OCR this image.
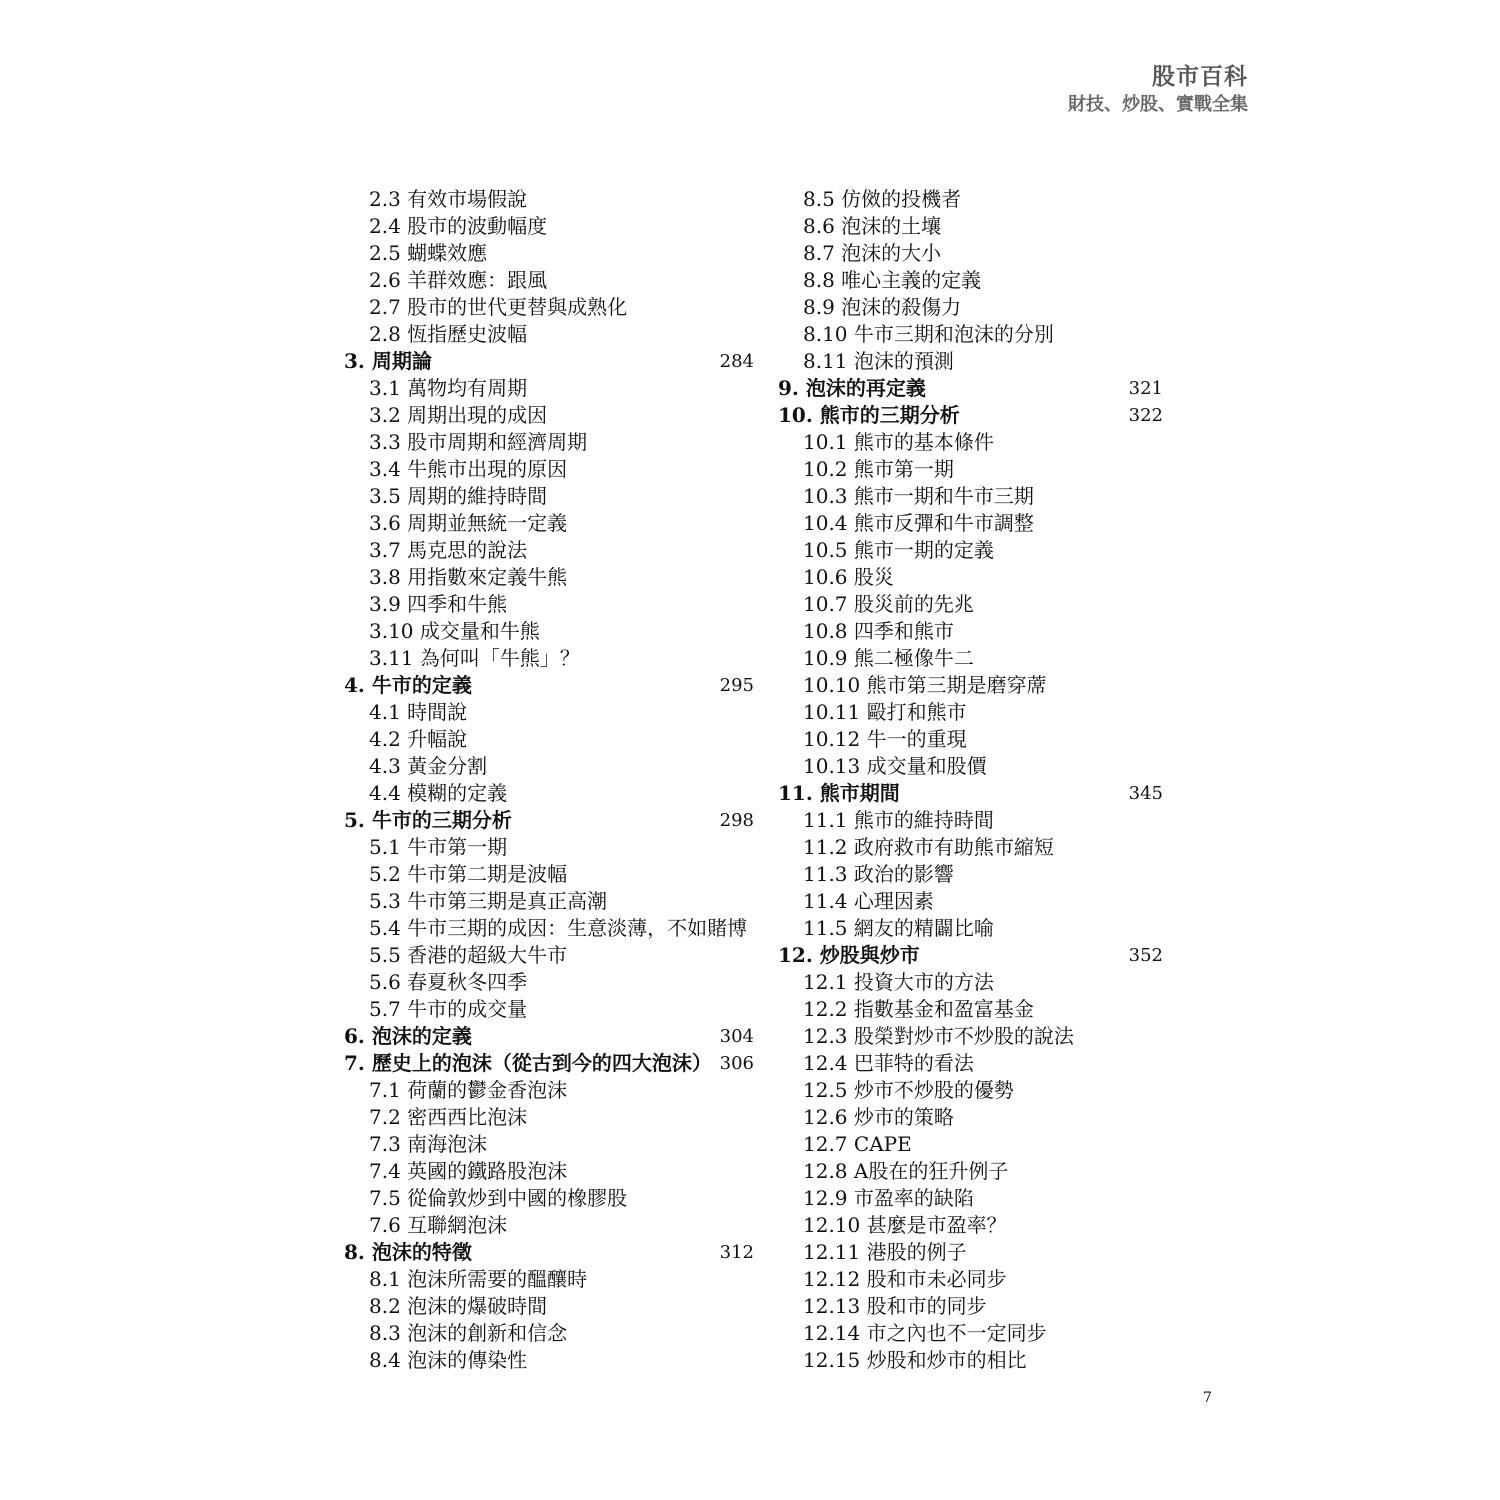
股市百科
財技、炒股、實戰全集
2.3 有效市場假說
2.4 股市的波動幅度
2.5 蝴蝶效應
2.6 羊群效應：跟風
2.7 股市的世代更替與成熟化
2.8 恆指歷史波幅
3. 周期論	284
3.1 萬物均有周期
3.2 周期出現的成因
3.3 股市周期和經濟周期
3.4 牛熊市出現的原因
3.5 周期的維持時間
3.6 周期並無統一定義
3.7 馬克思的說法
3.8 用指數來定義牛熊
3.9 四季和牛熊
3.10 成交量和牛熊
3.11 為何叫「牛熊」？
4. 牛市的定義	295
4.1 時間說
4.2 升幅說
4.3 黃金分割
4.4 模糊的定義
5. 牛市的三期分析	298
5.1 牛市第一期
5.2 牛市第二期是波幅
5.3 牛市第三期是真正高潮
5.4 牛市三期的成因：生意淡薄，不如賭博
5.5 香港的超級大牛市
5.6 春夏秋冬四季
5.7 牛市的成交量
6. 泡沫的定義	304
7. 歷史上的泡沫（從古到今的四大泡沫） 306
7.1 荷蘭的鬱金香泡沫
7.2 密西西比泡沫
7.3 南海泡沫
7.4 英國的鐵路股泡沫
7.5 從倫敦炒到中國的橡膠股
7.6 互聯網泡沫
8. 泡沫的特徵	312
8.1 泡沫所需要的醞釀時
8.2 泡沫的爆破時間
8.3 泡沫的創新和信念
8.4 泡沫的傳染性
8.5 仿傚的投機者
8.6 泡沫的土壤
8.7 泡沫的大小
8.8 唯心主義的定義
8.9 泡沫的殺傷力
8.10 牛市三期和泡沫的分別
8.11 泡沫的預測
9. 泡沫的再定義	321
10. 熊市的三期分析	322
10.1 熊市的基本條件
10.2 熊市第一期
10.3 熊市一期和牛市三期
10.4 熊市反彈和牛市調整
10.5 熊市一期的定義
10.6 股災
10.7 股災前的先兆
10.8 四季和熊市
10.9 熊二極像牛二
10.10 熊市第三期是磨穿蓆
10.11 毆打和熊市
10.12 牛一的重現
10.13 成交量和股價
11. 熊市期間	345
11.1 熊市的維持時間
11.2 政府救市有助熊市縮短
11.3 政治的影響
11.4 心理因素
11.5 網友的精闢比喻
12. 炒股與炒市	352
12.1 投資大市的方法
12.2 指數基金和盈富基金
12.3 股榮對炒市不炒股的說法
12.4 巴菲特的看法
12.5 炒市不炒股的優勢
12.6 炒市的策略
12.7 CAPE
12.8 A股在的狂升例子
12.9 市盈率的缺陷
12.10 甚麼是市盈率？
12.11 港股的例子
12.12 股和市未必同步
12.13 股和市的同步
12.14 市之內也不一定同步
12.15 炒股和炒市的相比
7
